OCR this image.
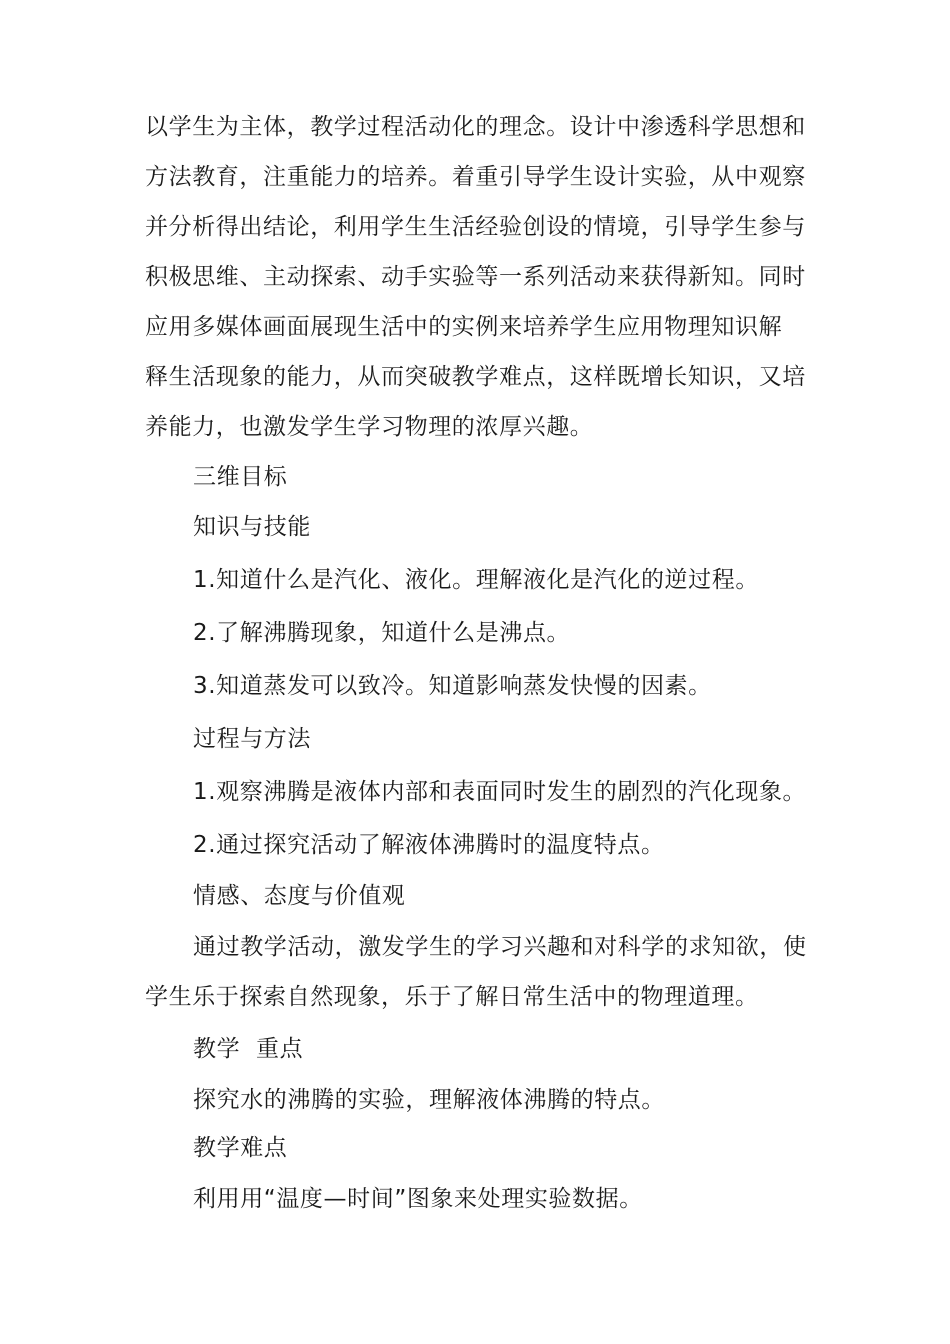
以学生为主体，教学过程活动化的理念。设计中渗透科学思想和
方法教育，注重能力的培养。着重引导学生设计实验，从中观察
并分析得出结论，利用学生生活经验创设的情境，引导学生参与
积极思维、主动探索、动手实验等一系列活动来获得新知。同时
应用多媒体画面展现生活中的实例来培养学生应用物理知识解
释生活现象的能力，从而突破教学难点，这样既增长知识，又培
养能力，也激发学生学习物理的浓厚兴趣。
三维目标
知识与技能
1.知道什么是汽化、液化。理解液化是汽化的逆过程。
2.了解沸腾现象，知道什么是沸点。
3.知道蒸发可以致冷。知道影响蒸发快慢的因素。
过程与方法
1.观察沸腾是液体内部和表面同时发生的剧烈的汽化现象。
2.通过探究活动了解液体沸腾时的温度特点。
情感、态度与价值观
通过教学活动，激发学生的学习兴趣和对科学的求知欲，使
学生乐于探索自然现象，乐于了解日常生活中的物理道理。
教学  重点
探究水的沸腾的实验，理解液体沸腾的特点。
教学难点
利用用“温度—时间”图象来处理实验数据。
